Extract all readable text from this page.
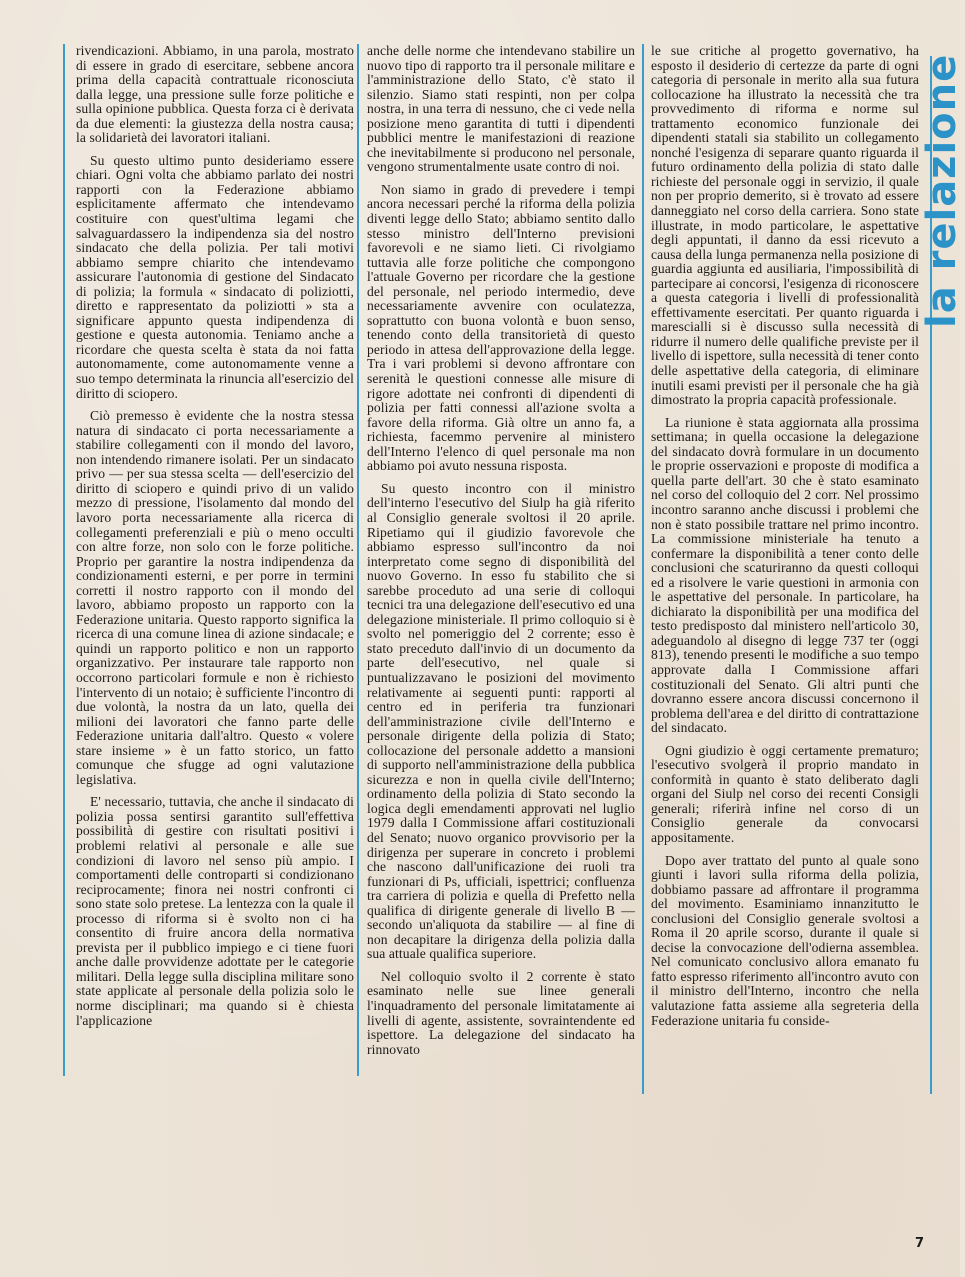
rivendicazioni. Abbiamo, in una parola, mostrato di essere in grado di esercitare, sebbene ancora prima della capacità contrattuale riconosciuta dalla legge, una pressione sulle forze politiche e sulla opinione pubblica. Questa forza ci è derivata da due elementi: la giustezza della nostra causa; la solidarietà dei lavoratori italiani.

Su questo ultimo punto desideriamo essere chiari. Ogni volta che abbiamo parlato dei nostri rapporti con la Federazione abbiamo esplicitamente affermato che intendevamo costituire con quest'ultima legami che salvaguardassero la indipendenza sia del nostro sindacato che della polizia. Per tali motivi abbiamo sempre chiarito che intendevamo assicurare l'autonomia di gestione del Sindacato di polizia; la formula « sindacato di poliziotti, diretto e rappresentato da poliziotti » sta a significare appunto questa indipendenza di gestione e questa autonomia. Teniamo anche a ricordare che questa scelta è stata da noi fatta autonomamente, come autonomamente venne a suo tempo determinata la rinuncia all'esercizio del diritto di sciopero.

Ciò premesso è evidente che la nostra stessa natura di sindacato ci porta necessariamente a stabilire collegamenti con il mondo del lavoro, non intendendo rimanere isolati. Per un sindacato privo — per sua stessa scelta — dell'esercizio del diritto di sciopero e quindi privo di un valido mezzo di pressione, l'isolamento dal mondo del lavoro porta necessariamente alla ricerca di collegamenti preferenziali e più o meno occulti con altre forze, non solo con le forze politiche. Proprio per garantire la nostra indipendenza da condizionamenti esterni, e per porre in termini corretti il nostro rapporto con il mondo del lavoro, abbiamo proposto un rapporto con la Federazione unitaria. Questo rapporto significa la ricerca di una comune linea di azione sindacale; e quindi un rapporto politico e non un rapporto organizzativo. Per instaurare tale rapporto non occorrono particolari formule e non è richiesto l'intervento di un notaio; è sufficiente l'incontro di due volontà, la nostra da un lato, quella dei milioni dei lavoratori che fanno parte delle Federazione unitaria dall'altro. Questo « volere stare insieme » è un fatto storico, un fatto comunque che sfugge ad ogni valutazione legislativa.

E' necessario, tuttavia, che anche il sindacato di polizia possa sentirsi garantito sull'effettiva possibilità di gestire con risultati positivi i problemi relativi al personale e alle sue condizioni di lavoro nel senso più ampio. I comportamenti delle controparti si condizionano reciprocamente; finora nei nostri confronti ci sono state solo pretese. La lentezza con la quale il processo di riforma si è svolto non ci ha consentito di fruire ancora della normativa prevista per il pubblico impiego e ci tiene fuori anche dalle provvidenze adottate per le categorie militari. Della legge sulla disciplina militare sono state applicate al personale della polizia solo le norme disciplinari; ma quando si è chiesta l'applicazione

anche delle norme che intendevano stabilire un nuovo tipo di rapporto tra il personale militare e l'amministrazione dello Stato, c'è stato il silenzio. Siamo stati respinti, non per colpa nostra, in una terra di nessuno, che ci vede nella posizione meno garantita di tutti i dipendenti pubblici mentre le manifestazioni di reazione che inevitabilmente si producono nel personale, vengono strumentalmente usate contro di noi.

Non siamo in grado di prevedere i tempi ancora necessari perché la riforma della polizia diventi legge dello Stato; abbiamo sentito dallo stesso ministro dell'Interno previsioni favorevoli e ne siamo lieti. Ci rivolgiamo tuttavia alle forze politiche che compongono l'attuale Governo per ricordare che la gestione del personale, nel periodo intermedio, deve necessariamente avvenire con oculatezza, soprattutto con buona volontà e buon senso, tenendo conto della transitorietà di questo periodo in attesa dell'approvazione della legge. Tra i vari problemi si devono affrontare con serenità le questioni connesse alle misure di rigore adottate nei confronti di dipendenti di polizia per fatti connessi all'azione svolta a favore della riforma. Già oltre un anno fa, a richiesta, facemmo pervenire al ministero dell'Interno l'elenco di quel personale ma non abbiamo poi avuto nessuna risposta.

Su questo incontro con il ministro dell'interno l'esecutivo del Siulp ha già riferito al Consiglio generale svoltosi il 20 aprile. Ripetiamo qui il giudizio favorevole che abbiamo espresso sull'incontro da noi interpretato come segno di disponibilità del nuovo Governo. In esso fu stabilito che si sarebbe proceduto ad una serie di colloqui tecnici tra una delegazione dell'esecutivo ed una delegazione ministeriale. Il primo colloquio si è svolto nel pomeriggio del 2 corrente; esso è stato preceduto dall'invio di un documento da parte dell'esecutivo, nel quale si puntualizzavano le posizioni del movimento relativamente ai seguenti punti: rapporti al centro ed in periferia tra funzionari dell'amministrazione civile dell'Interno e personale dirigente della polizia di Stato; collocazione del personale addetto a mansioni di supporto nell'amministrazione della pubblica sicurezza e non in quella civile dell'Interno; ordinamento della polizia di Stato secondo la logica degli emendamenti approvati nel luglio 1979 dalla I Commissione affari costituzionali del Senato; nuovo organico provvisorio per la dirigenza per superare in concreto i problemi che nascono dall'unificazione dei ruoli tra funzionari di Ps, ufficiali, ispettrici; confluenza tra carriera di polizia e quella di Prefetto nella qualifica di dirigente generale di livello B — secondo un'aliquota da stabilire — al fine di non decapitare la dirigenza della polizia dalla sua attuale qualifica superiore.

Nel colloquio svolto il 2 corrente è stato esaminato nelle sue linee generali l'inquadramento del personale limitatamente ai livelli di agente, assistente, sovraintendente ed ispettore. La delegazione del sindacato ha rinnovato

le sue critiche al progetto governativo, ha esposto il desiderio di certezze da parte di ogni categoria di personale in merito alla sua futura collocazione ha illustrato la necessità che tra provvedimento di riforma e norme sul trattamento economico funzionale dei dipendenti statali sia stabilito un collegamento nonché l'esigenza di separare quanto riguarda il futuro ordinamento della polizia di stato dalle richieste del personale oggi in servizio, il quale non per proprio demerito, si è trovato ad essere danneggiato nel corso della carriera. Sono state illustrate, in modo particolare, le aspettative degli appuntati, il danno da essi ricevuto a causa della lunga permanenza nella posizione di guardia aggiunta ed ausiliaria, l'impossibilità di partecipare ai concorsi, l'esigenza di riconoscere a questa categoria i livelli di professionalità effettivamente esercitati. Per quanto riguarda i marescialli si è discusso sulla necessità di ridurre il numero delle qualifiche previste per il livello di ispettore, sulla necessità di tener conto delle aspettative della categoria, di eliminare inutili esami previsti per il personale che ha già dimostrato la propria capacità professionale.

La riunione è stata aggiornata alla prossima settimana; in quella occasione la delegazione del sindacato dovrà formulare in un documento le proprie osservazioni e proposte di modifica a quella parte dell'art. 30 che è stato esaminato nel corso del colloquio del 2 corr. Nel prossimo incontro saranno anche discussi i problemi che non è stato possibile trattare nel primo incontro. La commissione ministeriale ha tenuto a confermare la disponibilità a tener conto delle conclusioni che scaturiranno da questi colloqui ed a risolvere le varie questioni in armonia con le aspettative del personale. In particolare, ha dichiarato la disponibilità per una modifica del testo predisposto dal ministero nell'articolo 30, adeguandolo al disegno di legge 737 ter (oggi 813), tenendo presenti le modifiche a suo tempo approvate dalla I Commissione affari costituzionali del Senato. Gli altri punti che dovranno essere ancora discussi concernono il problema dell'area e del diritto di contrattazione del sindacato.

Ogni giudizio è oggi certamente prematuro; l'esecutivo svolgerà il proprio mandato in conformità in quanto è stato deliberato dagli organi del Siulp nel corso dei recenti Consigli generali; riferirà infine nel corso di un Consiglio generale da convocarsi appositamente.

Dopo aver trattato del punto al quale sono giunti i lavori sulla riforma della polizia, dobbiamo passare ad affrontare il programma del movimento. Esaminiamo innanzitutto le conclusioni del Consiglio generale svoltosi a Roma il 20 aprile scorso, durante il quale si decise la convocazione dell'odierna assemblea. Nel comunicato conclusivo allora emanato fu fatto espresso riferimento all'incontro avuto con il ministro dell'Interno, incontro che nella valutazione fatta assieme alla segreteria della Federazione unitaria fu conside-

la relazione
7
